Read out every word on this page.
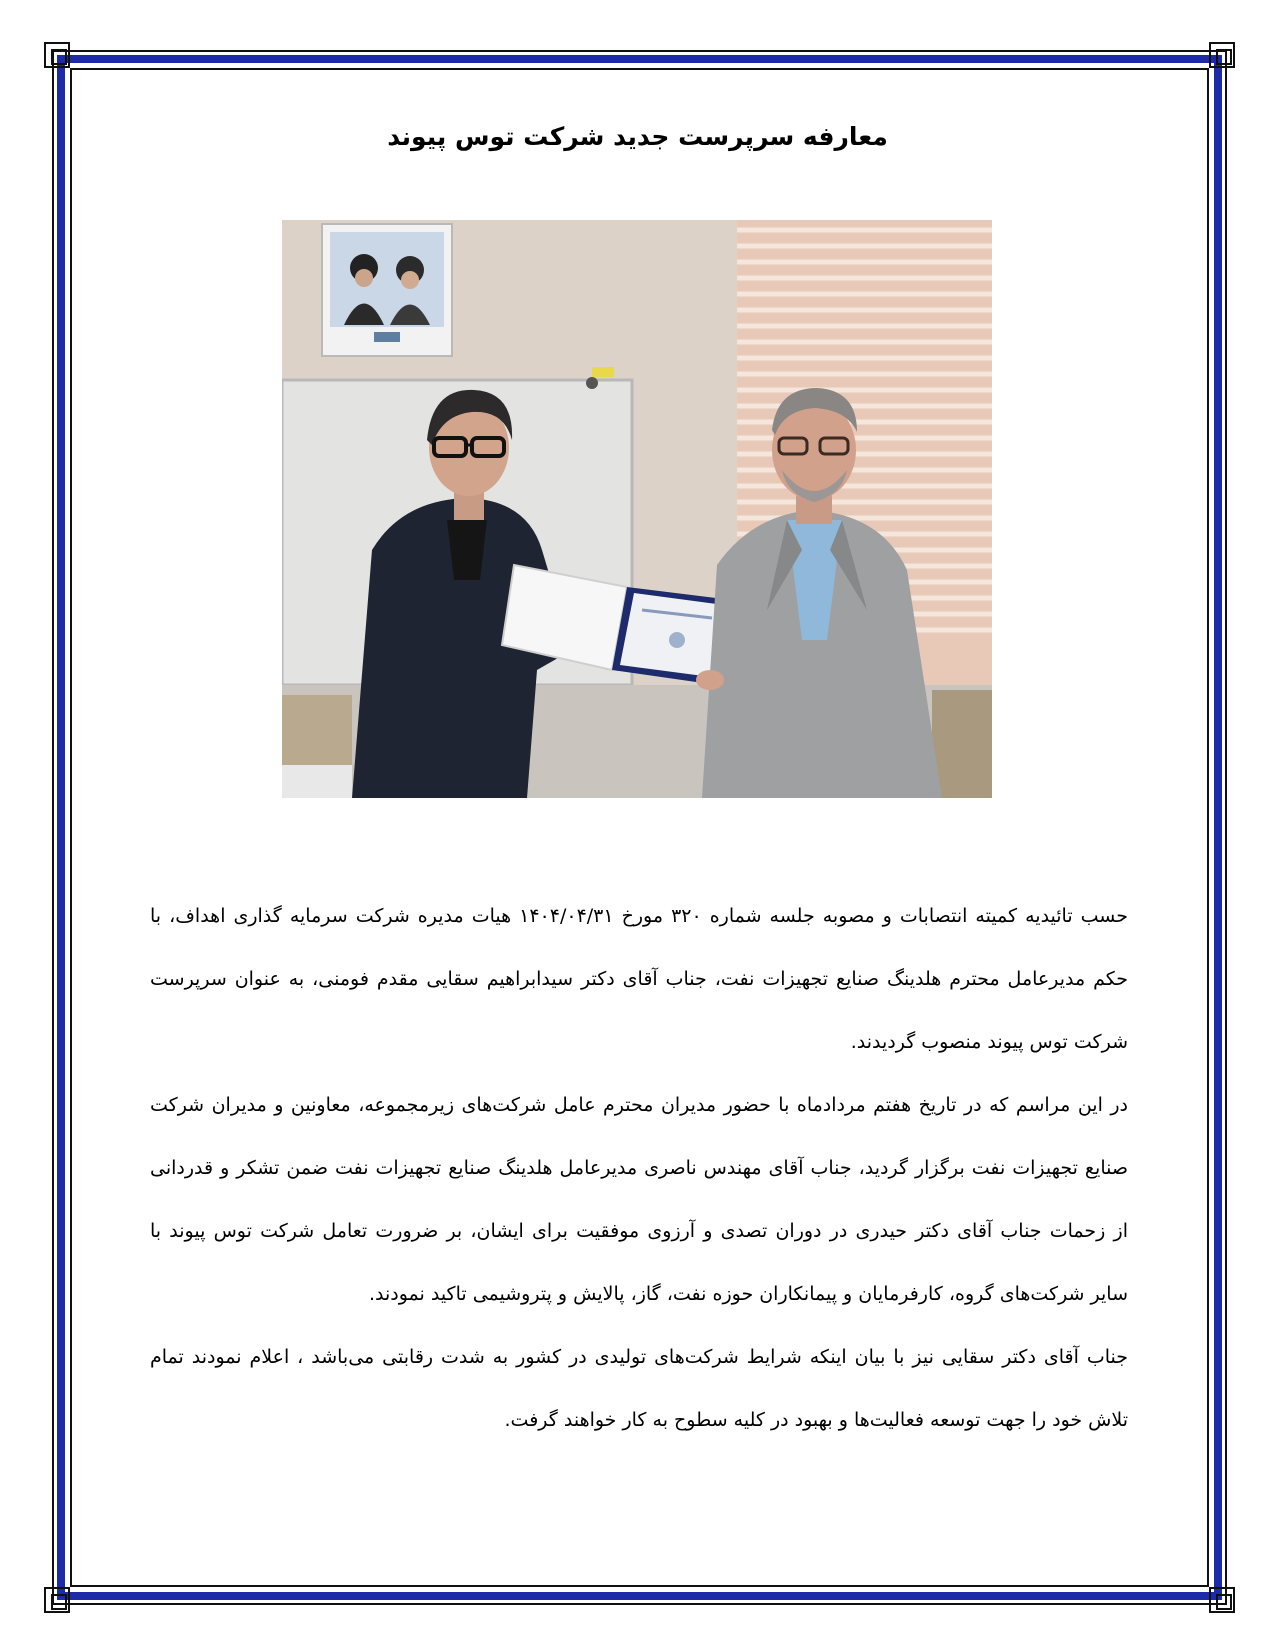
معارفه سرپرست جدید شرکت توس پیوند

حسب تائیدیه کمیته انتصابات و مصوبه جلسه شماره ۳۲۰ مورخ ۱۴۰۴/۰۴/۳۱ هیات مدیره شرکت سرمایه گذاری اهداف، با حکم مدیرعامل محترم هلدینگ صنایع تجهیزات نفت، جناب آقای دکتر سیدابراهیم سقایی مقدم فومنی، به عنوان سرپرست شرکت توس پیوند منصوب گردیدند.

در این مراسم که در تاریخ هفتم مردادماه با حضور مدیران محترم عامل شرکت‌های زیرمجموعه، معاونین و مدیران شرکت صنایع تجهیزات نفت برگزار گردید، جناب آقای مهندس ناصری مدیرعامل هلدینگ صنایع تجهیزات نفت ضمن تشکر و قدردانی از زحمات جناب آقای دکتر حیدری در دوران تصدی و آرزوی موفقیت برای ایشان، بر ضرورت تعامل شرکت توس پیوند با سایر شرکت‌های گروه، کارفرمایان و پیمانکاران حوزه نفت، گاز، پالایش و پتروشیمی تاکید نمودند.

جناب آقای دکتر سقایی نیز با بیان اینکه شرایط شرکت‌های تولیدی در کشور به شدت رقابتی می‌باشد ، اعلام نمودند تمام تلاش خود را جهت توسعه فعالیت‌ها و بهبود در کلیه سطوح به کار خواهند گرفت.
